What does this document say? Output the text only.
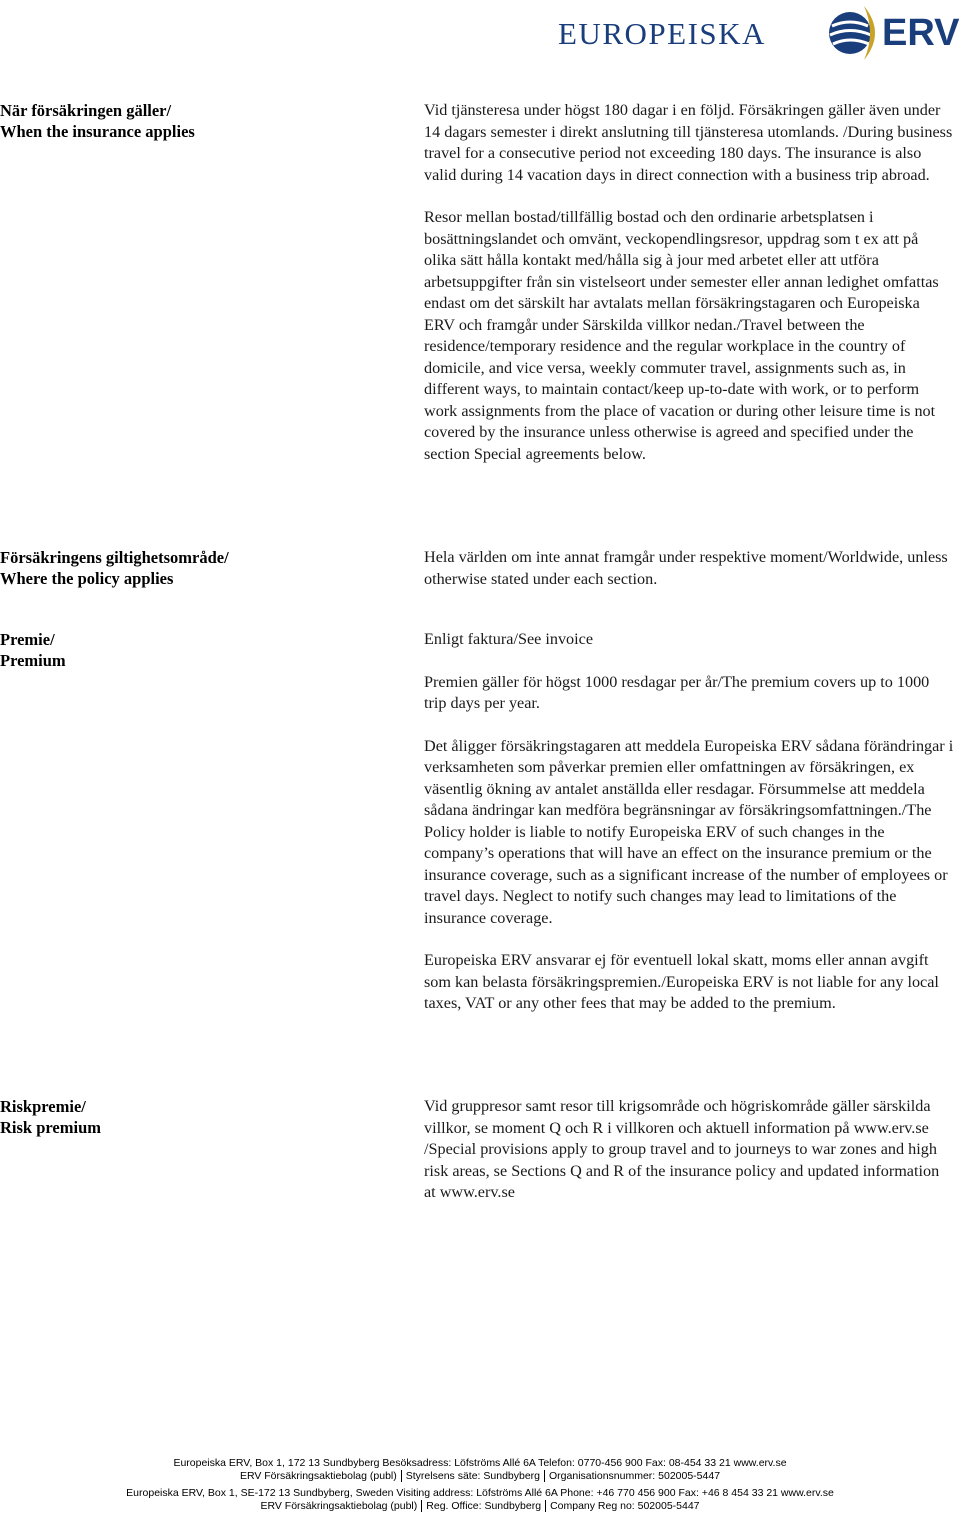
EUROPEISKA	ERV
När försäkringen gäller/
When the insurance applies

Vid tjänsteresa under högst 180 dagar i en följd. Försäkringen gäller även under 14 dagars semester i direkt anslutning till tjänsteresa utomlands. /During business travel for a consecutive period not exceeding 180 days. The insurance is also valid during 14 vacation days in direct connection with a business trip abroad.

Resor mellan bostad/tillfällig bostad och den ordinarie arbetsplatsen i bosättningslandet och omvänt, veckopendlingsresor, uppdrag som t ex att på olika sätt hålla kontakt med/hålla sig à jour med arbetet eller att utföra arbetsuppgifter från sin vistelseort under semester eller annan ledighet omfattas endast om det särskilt har avtalats mellan försäkringstagaren och Europeiska ERV och framgår under Särskilda villkor nedan./Travel between the residence/temporary residence and the regular workplace in the country of domicile, and vice versa, weekly commuter travel, assignments such as, in different ways, to maintain contact/keep up-to-date with work, or to perform work assignments from the place of vacation or during other leisure time is not covered by the insurance unless otherwise is agreed and specified under the section Special agreements below.

Försäkringens giltighetsområde/
Where the policy applies

Hela världen om inte annat framgår under respektive moment/Worldwide, unless otherwise stated under each section.

Premie/
Premium

Enligt faktura/See invoice

Premien gäller för högst 1000 resdagar per år/The premium covers up to 1000 trip days per year.

Det åligger försäkringstagaren att meddela Europeiska ERV sådana förändringar i verksamheten som påverkar premien eller omfattningen av försäkringen, ex väsentlig ökning av antalet anställda eller resdagar. Försummelse att meddela sådana ändringar kan medföra begränsningar av försäkringsomfattningen./The Policy holder is liable to notify Europeiska ERV of such changes in the company’s operations that will have an effect on the insurance premium or the insurance coverage, such as a significant increase of the number of employees or travel days. Neglect to notify such changes may lead to limitations of the insurance coverage.

Europeiska ERV ansvarar ej för eventuell lokal skatt, moms eller annan avgift som kan belasta försäkringspremien./Europeiska ERV is not liable for any local taxes, VAT or any other fees that may be added to the premium.

Riskpremie/
Risk premium

Vid gruppresor samt resor till krigsområde och högriskområde gäller särskilda villkor, se moment Q och R i villkoren och aktuell information på www.erv.se /Special provisions apply to group travel and to journeys to war zones and high risk areas, se Sections Q and R of the insurance policy and updated information at www.erv.se

Europeiska ERV, Box 1, 172 13 Sundbyberg Besöksadress: Löfströms Allé 6A Telefon: 0770-456 900 Fax: 08-454 33 21 www.erv.se
ERV Försäkringsaktiebolag (publ) Styrelsens säte: Sundbyberg Organisationsnummer: 502005-5447
Europeiska ERV, Box 1, SE-172 13 Sundbyberg, Sweden Visiting address: Löfströms Allé 6A Phone: +46 770 456 900 Fax: +46 8 454 33 21 www.erv.se
ERV Försäkringsaktiebolag (publ) Reg. Office: Sundbyberg Company Reg no: 502005-5447
